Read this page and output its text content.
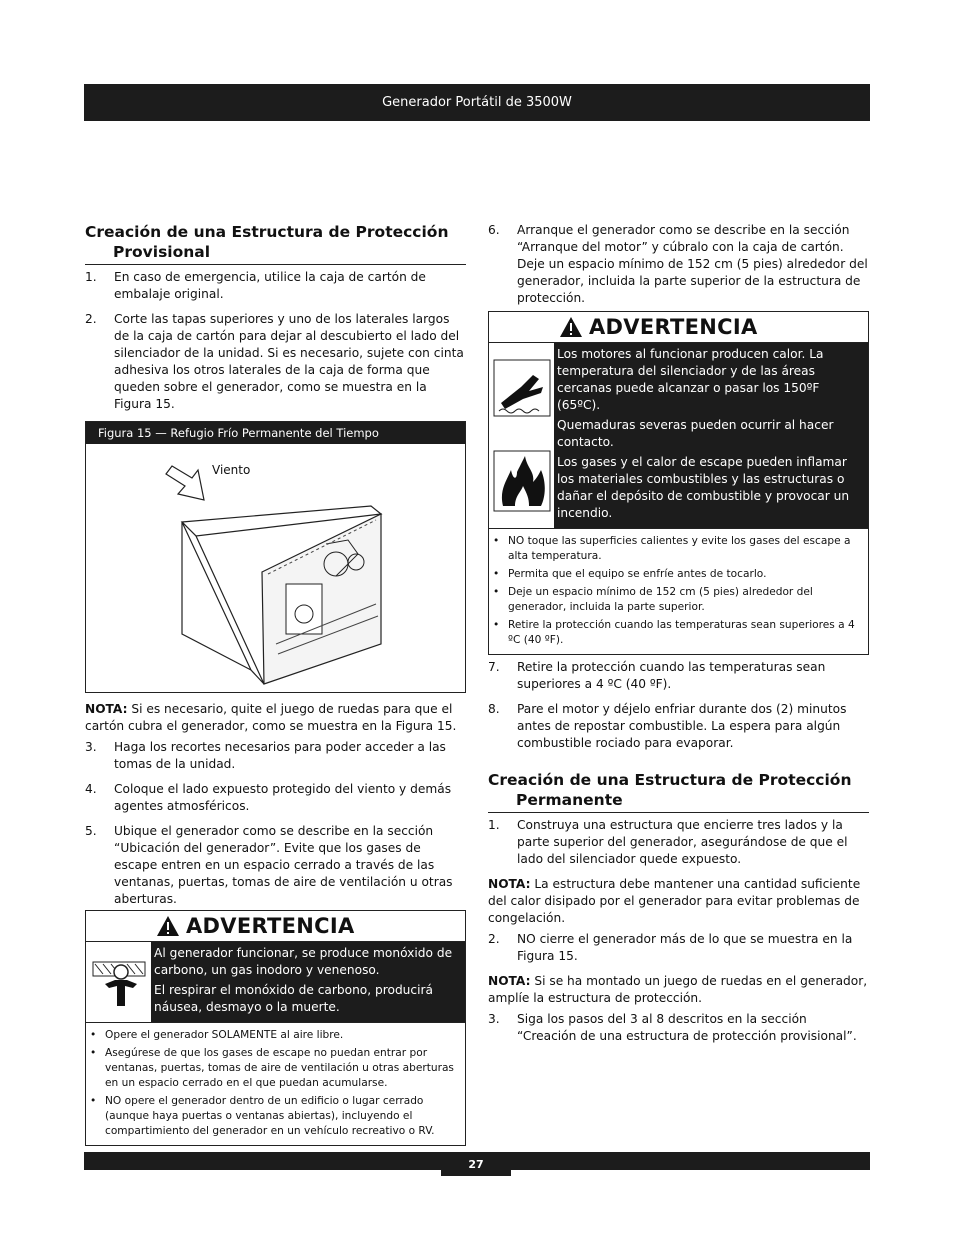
Generador Portátil de 3500W
Creación de una Estructura de Protección
Provisional
1.	En caso de emergencia, utilice la caja de cartón de embalaje original.
2.	Corte las tapas superiores y uno de los laterales largos de la caja de cartón para dejar al descubierto el lado del silenciador de la unidad. Si es necesario, sujete con cinta adhesiva los otros laterales de la caja de forma que queden sobre el generador, como se muestra en la Figura 15.
Figura 15 — Refugio Frío Permanente del Tiempo
Viento

NOTA: Si es necesario, quite el juego de ruedas para que el cartón cubra el generador, como se muestra en la Figura 15.

3.	Haga los recortes necesarios para poder acceder a las tomas de la unidad.
4.	Coloque el lado expuesto protegido del viento y demás agentes atmosféricos.
5.	Ubique el generador como se describe en la sección “Ubicación del generador”. Evite que los gases de escape entren en un espacio cerrado a través de las ventanas, puertas, tomas de aire de ventilación u otras aberturas.
ADVERTENCIA

Al generador funcionar, se produce monóxido de carbono, un gas inodoro y venenoso.

El respirar el monóxido de carbono, producirá náusea, desmayo o la muerte.

• Opere el generador SOLAMENTE al aire libre.
• Asegúrese de que los gases de escape no puedan entrar por ventanas, puertas, tomas de aire de ventilación u otras aberturas en un espacio cerrado en el que puedan acumularse.
• NO opere el generador dentro de un edificio o lugar cerrado (aunque haya puertas o ventanas abiertas), incluyendo el compartimiento del generador en un vehículo recreativo o RV.
6.	Arranque el generador como se describe en la sección “Arranque del motor” y cúbralo con la caja de cartón. Deje un espacio mínimo de 152 cm (5 pies) alrededor del generador, incluida la parte superior de la estructura de protección.
ADVERTENCIA

Los motores al funcionar producen calor. La temperatura del silenciador y de las áreas cercanas puede alcanzar o pasar los 150ºF (65ºC).

Quemaduras severas pueden ocurrir al hacer contacto.

Los gases y el calor de escape pueden inflamar los materiales combustibles y las estructuras o dañar el depósito de combustible y provocar un incendio.

• NO toque las superficies calientes y evite los gases del escape a alta temperatura.
• Permita que el equipo se enfríe antes de tocarlo.
• Deje un espacio mínimo de 152 cm (5 pies) alrededor del generador, incluida la parte superior.
• Retire la protección cuando las temperaturas sean superiores a 4 ºC (40 ºF).
7.	Retire la protección cuando las temperaturas sean superiores a 4 ºC (40 ºF).
8.	Pare el motor y déjelo enfriar durante dos (2) minutos antes de repostar combustible. La espera para algún combustible rociado para evaporar.
Creación de una Estructura de Protección
Permanente
1.	Construya una estructura que encierre tres lados y la parte superior del generador, asegurándose de que el lado del silenciador quede expuesto.

NOTA: La estructura debe mantener una cantidad suficiente del calor disipado por el generador para evitar problemas de congelación.

2.	NO cierre el generador más de lo que se muestra en la Figura 15.

NOTA: Si se ha montado un juego de ruedas en el generador, amplíe la estructura de protección.

3.	Siga los pasos del 3 al 8 descritos en la sección “Creación de una estructura de protección provisional”.
27
